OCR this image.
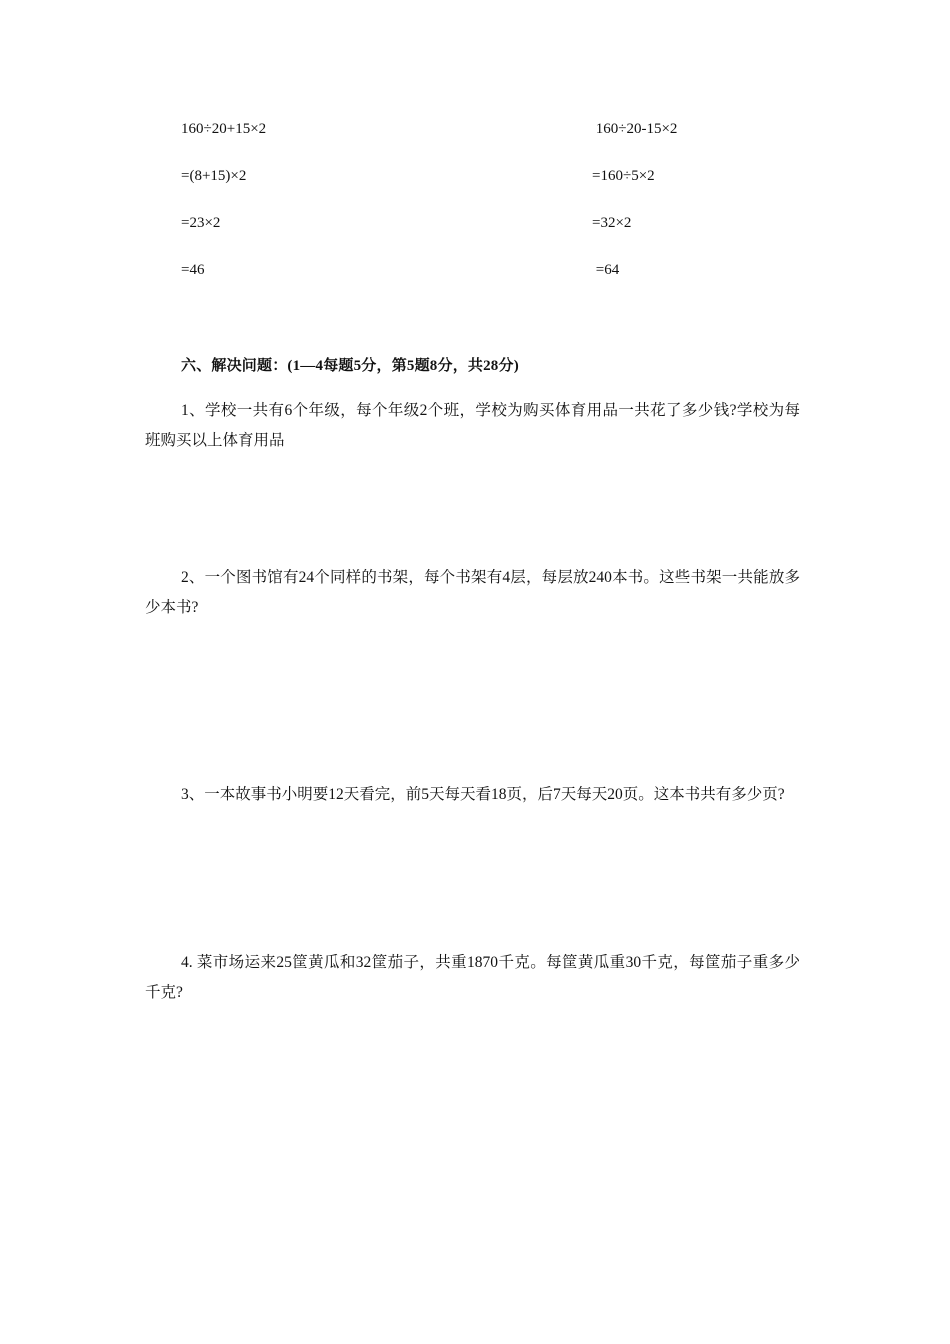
160÷20+15×2
=(8+15)×2
=23×2
=46
160÷20-15×2
=160÷5×2
=32×2
=64
六、解决问题：(1—4每题5分，第5题8分，共28分)

1、学校一共有6个年级，每个年级2个班，学校为购买体育用品一共花了多少钱?学校为每班购买以上体育用品

2、一个图书馆有24个同样的书架，每个书架有4层，每层放240本书。这些书架一共能放多少本书?

3、一本故事书小明要12天看完，前5天每天看18页，后7天每天20页。这本书共有多少页?

4. 菜市场运来25筐黄瓜和32筐茄子，共重1870千克。每筐黄瓜重30千克，每筐茄子重多少千克?
